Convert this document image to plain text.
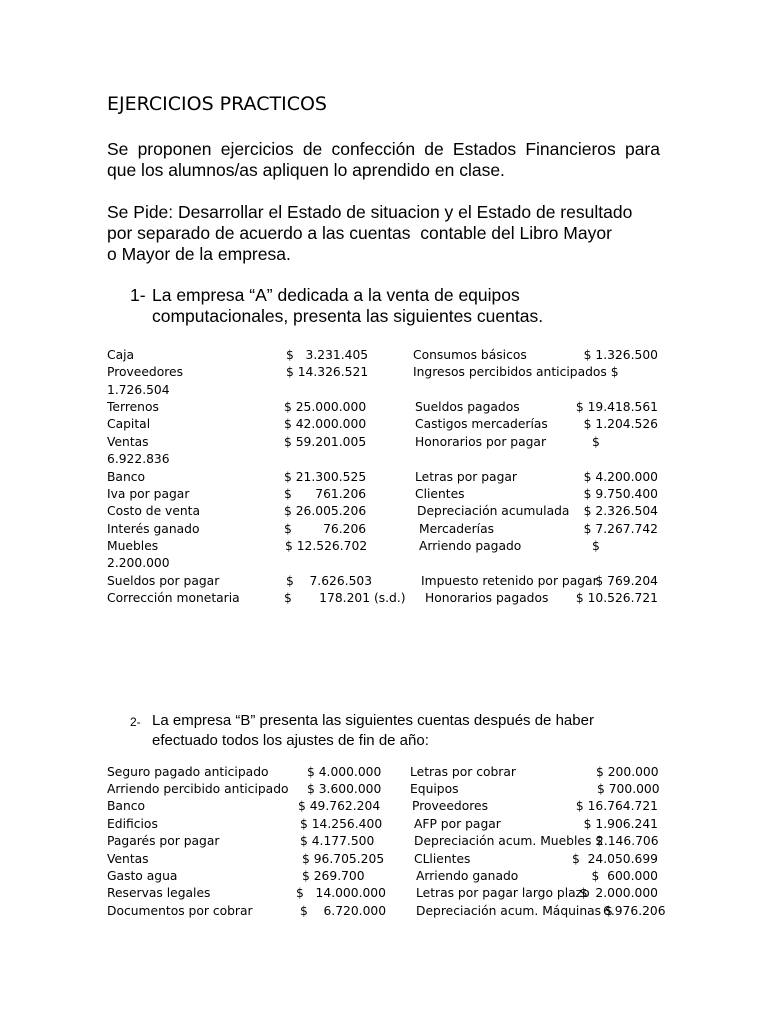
EJERCICIOS PRACTICOS
Se proponen ejercicios de confección de Estados Financieros para
que los alumnos/as apliquen lo aprendido en clase.
Se Pide: Desarrollar el Estado de situacion y el Estado de resultado
por separado de acuerdo a las cuentas  contable del Libro Mayor
o Mayor de la empresa.
1- La empresa “A” dedicada a la venta de equipos
computacionales, presenta las siguientes cuentas.
Caja
Proveedores
1.726.504
Terrenos
Capital
Ventas
6.922.836
Banco
Iva por pagar
Costo de venta
Interés ganado
Muebles
2.200.000
Sueldos por pagar
Corrección monetaria
$   3.231.405
$ 14.326.521
$ 25.000.000
$ 42.000.000
$ 59.201.005
$ 21.300.525
$      761.206
$ 26.005.206
$        76.206
$ 12.526.702
$    7.626.503
$       178.201 (s.d.)
Consumos básicos
Ingresos percibidos anticipados $
Sueldos pagados
Castigos mercaderías
Honorarios por pagar
Letras por pagar
Clientes
Depreciación acumulada
Mercaderías
Arriendo pagado
Impuesto retenido por pagar
Honorarios pagados
$ 1.326.500
$ 19.418.561
$ 1.204.526
$
$ 4.200.000
$ 9.750.400
$ 2.326.504
$ 7.267.742
$
$ 769.204
$ 10.526.721
2- La empresa “B” presenta las siguientes cuentas después de haber
efectuado todos los ajustes de fin de año:
Seguro pagado anticipado
Arriendo percibido anticipado
Banco
Edificios
Pagarés por pagar
Ventas
Gasto agua
Reservas legales
Documentos por cobrar
$ 4.000.000
$ 3.600.000
$ 49.762.204
$ 14.256.400
$ 4.177.500
$ 96.705.205
$ 269.700
$   14.000.000
$    6.720.000
Letras por cobrar
Equipos
Proveedores
AFP por pagar
Depreciación acum. Muebles $
CLlientes
Arriendo ganado
Letras por pagar largo plazo
Depreciación acum. Máquinas $
$ 200.000
$ 700.000
$ 16.764.721
$ 1.906.241
2.146.706
$  24.050.699
$  600.000
$  2.000.000
6.976.206
